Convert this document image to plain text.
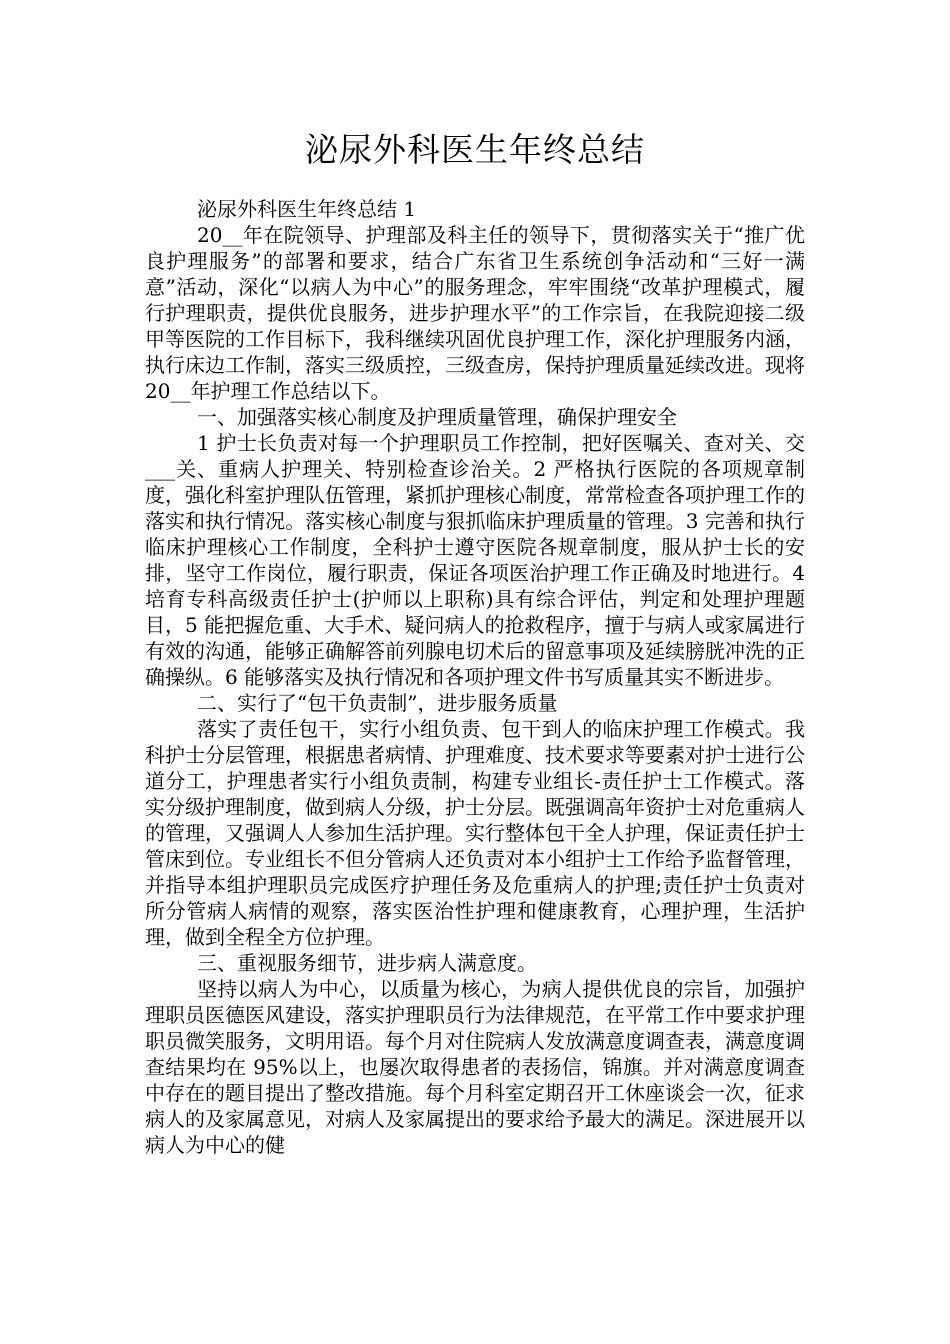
泌尿外科医生年终总结

泌尿外科医生年终总结 1

20__年在院领导、护理部及科主任的领导下，贯彻落实关于“推广优良护理服务”的部署和要求，结合广东省卫生系统创争活动和“三好一满意”活动，深化“以病人为中心”的服务理念，牢牢围绕“改革护理模式，履行护理职责，提供优良服务，进步护理水平”的工作宗旨，在我院迎接二级甲等医院的工作目标下，我科继续巩固优良护理工作，深化护理服务内涵，执行床边工作制，落实三级质控，三级查房，保持护理质量延续改进。现将 20__年护理工作总结以下。

一、加强落实核心制度及护理质量管理，确保护理安全

1 护士长负责对每一个护理职员工作控制，把好医嘱关、查对关、交___关、重病人护理关、特别检查诊治关。2 严格执行医院的各项规章制度，强化科室护理队伍管理，紧抓护理核心制度，常常检查各项护理工作的落实和执行情况。落实核心制度与狠抓临床护理质量的管理。3 完善和执行临床护理核心工作制度，全科护士遵守医院各规章制度，服从护士长的安排，坚守工作岗位，履行职责，保证各项医治护理工作正确及时地进行。4 培育专科高级责任护士(护师以上职称)具有综合评估，判定和处理护理题目，5 能把握危重、大手术、疑问病人的抢救程序，擅于与病人或家属进行有效的沟通，能够正确解答前列腺电切术后的留意事项及延续膀胱冲洗的正确操纵。6 能够落实及执行情况和各项护理文件书写质量其实不断进步。

二、实行了“包干负责制”，进步服务质量

落实了责任包干，实行小组负责、包干到人的临床护理工作模式。我科护士分层管理，根据患者病情、护理难度、技术要求等要素对护士进行公道分工，护理患者实行小组负责制，构建专业组长-责任护士工作模式。落实分级护理制度，做到病人分级，护士分层。既强调高年资护士对危重病人的管理，又强调人人参加生活护理。实行整体包干全人护理，保证责任护士管床到位。专业组长不但分管病人还负责对本小组护士工作给予监督管理，并指导本组护理职员完成医疗护理任务及危重病人的护理;责任护士负责对所分管病人病情的观察，落实医治性护理和健康教育，心理护理，生活护理，做到全程全方位护理。

三、重视服务细节，进步病人满意度。

坚持以病人为中心，以质量为核心，为病人提供优良的宗旨，加强护理职员医德医风建设，落实护理职员行为法律规范，在平常工作中要求护理职员微笑服务，文明用语。每个月对住院病人发放满意度调查表，满意度调查结果均在 95%以上，也屡次取得患者的表扬信，锦旗。并对满意度调查中存在的题目提出了整改措施。每个月科室定期召开工休座谈会一次，征求病人的及家属意见，对病人及家属提出的要求给予最大的满足。深进展开以病人为中心的健
